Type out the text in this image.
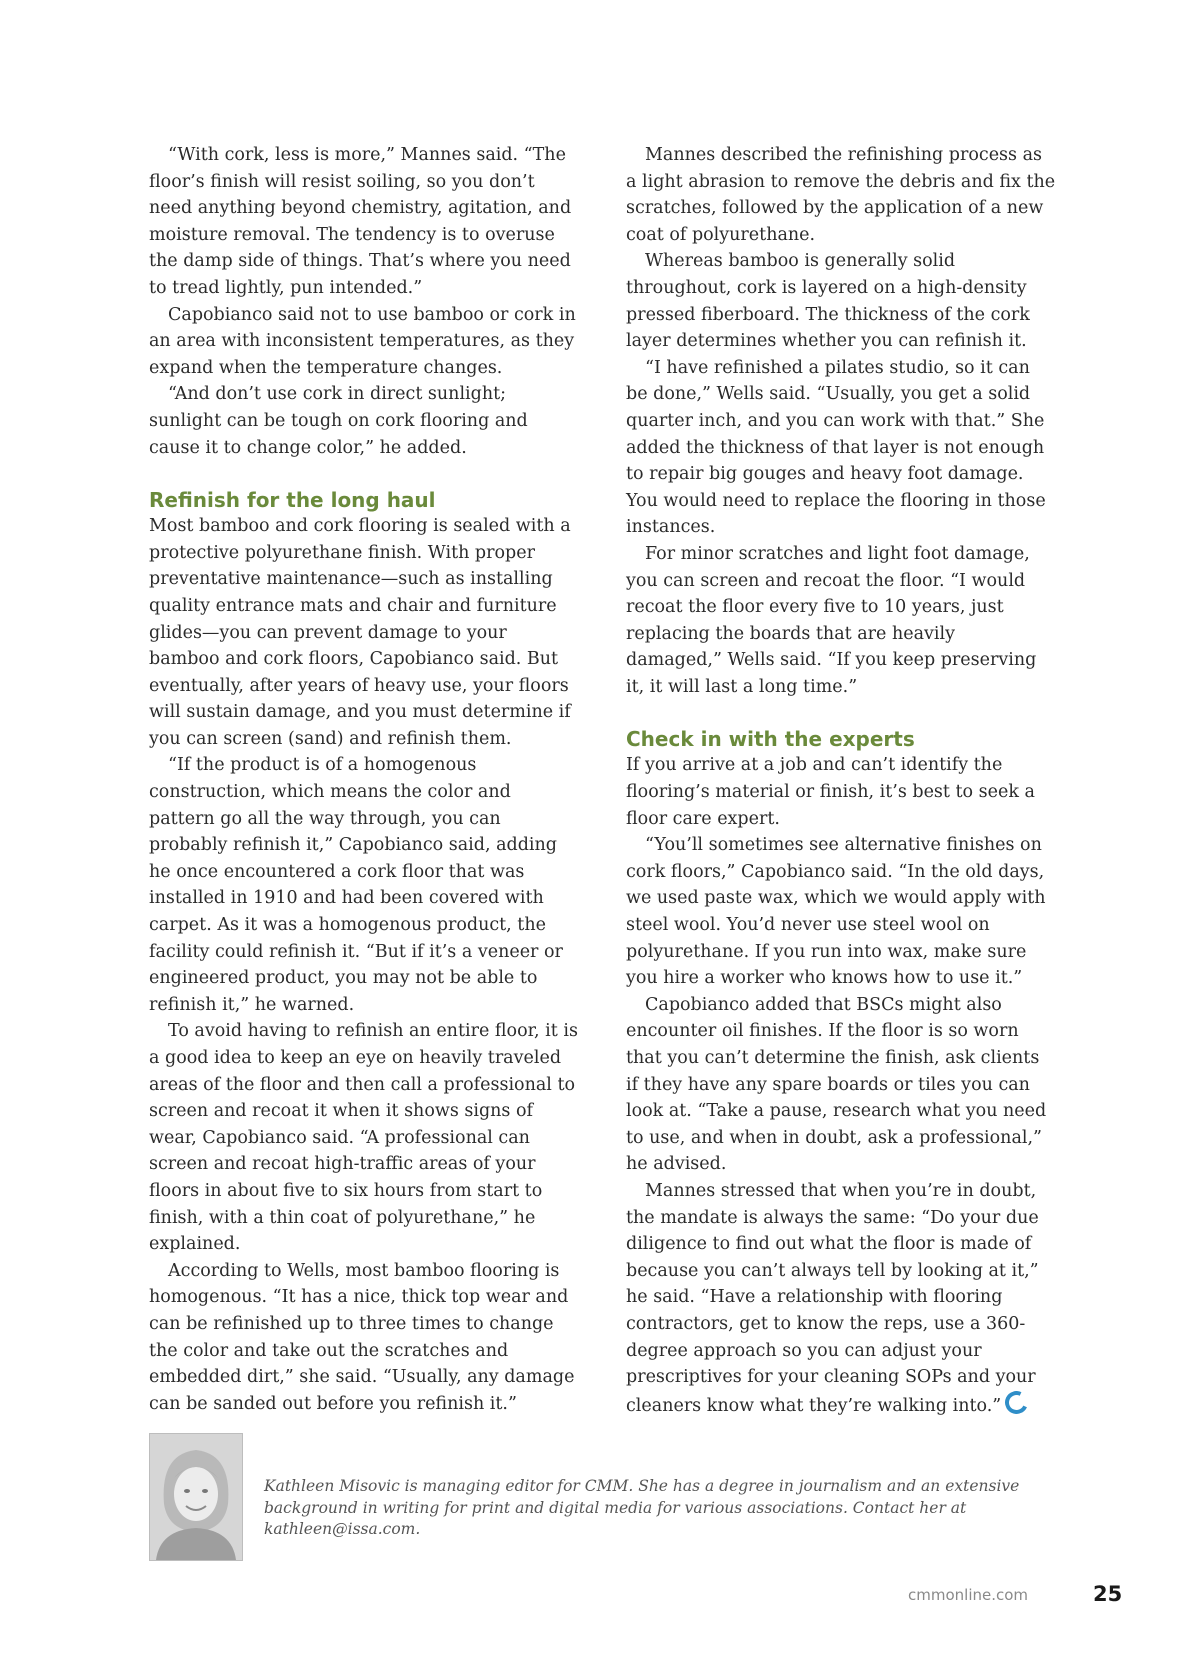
“With cork, less is more,” Mannes said. “The floor’s finish will resist soiling, so you don’t need anything beyond chemistry, agitation, and moisture removal. The tendency is to overuse the damp side of things. That’s where you need to tread lightly, pun intended.”

Capobianco said not to use bamboo or cork in an area with inconsistent temperatures, as they expand when the temperature changes.

“And don’t use cork in direct sunlight; sunlight can be tough on cork flooring and cause it to change color,” he added.

Refinish for the long haul

Most bamboo and cork flooring is sealed with a protective polyurethane finish. With proper preventative maintenance—such as installing quality entrance mats and chair and furniture glides—you can prevent damage to your bamboo and cork floors, Capobianco said. But eventually, after years of heavy use, your floors will sustain damage, and you must determine if you can screen (sand) and refinish them.

“If the product is of a homogenous construction, which means the color and pattern go all the way through, you can probably refinish it,” Capobianco said, adding he once encountered a cork floor that was installed in 1910 and had been covered with carpet. As it was a homogenous product, the facility could refinish it. “But if it’s a veneer or engineered product, you may not be able to refinish it,” he warned.

To avoid having to refinish an entire floor, it is a good idea to keep an eye on heavily traveled areas of the floor and then call a professional to screen and recoat it when it shows signs of wear, Capobianco said. “A professional can screen and recoat high-traffic areas of your floors in about five to six hours from start to finish, with a thin coat of polyurethane,” he explained.

According to Wells, most bamboo flooring is homogenous. “It has a nice, thick top wear and can be refinished up to three times to change the color and take out the scratches and embedded dirt,” she said. “Usually, any damage can be sanded out before you refinish it.”

Mannes described the refinishing process as a light abrasion to remove the debris and fix the scratches, followed by the application of a new coat of polyurethane.

Whereas bamboo is generally solid throughout, cork is layered on a high-density pressed fiberboard. The thickness of the cork layer determines whether you can refinish it.

“I have refinished a pilates studio, so it can be done,” Wells said. “Usually, you get a solid quarter inch, and you can work with that.” She added the thickness of that layer is not enough to repair big gouges and heavy foot damage. You would need to replace the flooring in those instances.

For minor scratches and light foot damage, you can screen and recoat the floor. “I would recoat the floor every five to 10 years, just replacing the boards that are heavily damaged,” Wells said. “If you keep preserving it, it will last a long time.”

Check in with the experts

If you arrive at a job and can’t identify the flooring’s material or finish, it’s best to seek a floor care expert.

“You’ll sometimes see alternative finishes on cork floors,” Capobianco said. “In the old days, we used paste wax, which we would apply with steel wool. You’d never use steel wool on polyurethane. If you run into wax, make sure you hire a worker who knows how to use it.”

Capobianco added that BSCs might also encounter oil finishes. If the floor is so worn that you can’t determine the finish, ask clients if they have any spare boards or tiles you can look at. “Take a pause, research what you need to use, and when in doubt, ask a professional,” he advised.

Mannes stressed that when you’re in doubt, the mandate is always the same: “Do your due diligence to find out what the floor is made of because you can’t always tell by looking at it,” he said. “Have a relationship with flooring contractors, get to know the reps, use a 360-degree approach so you can adjust your prescriptives for your cleaning SOPs and your cleaners know what they’re walking into.”

Kathleen Misovic is managing editor for CMM. She has a degree in journalism and an extensive background in writing for print and digital media for various associations. Contact her at kathleen@issa.com.
cmmonline.com	25
